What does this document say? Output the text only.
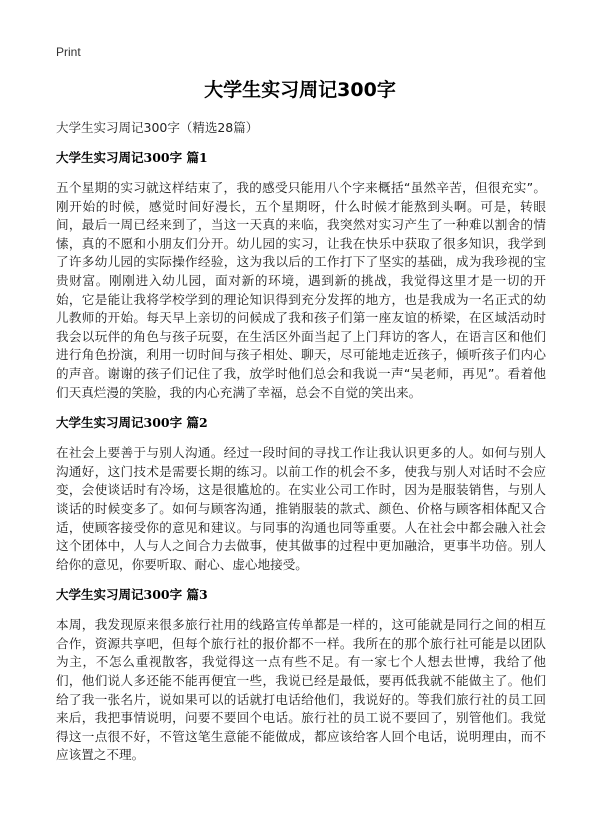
Print
大学生实习周记300字

大学生实习周记300字（精选28篇）

大学生实习周记300字 篇1

五个星期的实习就这样结束了，我的感受只能用八个字来概括“虽然辛苦，但很充实”。刚开始的时候，感觉时间好漫长，五个星期呀，什么时候才能熬到头啊。可是，转眼间，最后一周已经来到了，当这一天真的来临，我突然对实习产生了一种难以割舍的情愫，真的不愿和小朋友们分开。幼儿园的实习，让我在快乐中获取了很多知识，我学到了许多幼儿园的实际操作经验，这为我以后的工作打下了坚实的基础，成为我珍视的宝贵财富。刚刚进入幼儿园，面对新的环境，遇到新的挑战，我觉得这里才是一切的开始，它是能让我将学校学到的理论知识得到充分发挥的地方，也是我成为一名正式的幼儿教师的开始。每天早上亲切的问候成了我和孩子们第一座友谊的桥梁，在区域活动时我会以玩伴的角色与孩子玩耍，在生活区外面当起了上门拜访的客人，在语言区和他们进行角色扮演，利用一切时间与孩子相处、聊天，尽可能地走近孩子，倾听孩子们内心的声音。谢谢的孩子们记住了我，放学时他们总会和我说一声“吴老师，再见”。看着他们天真烂漫的笑脸，我的内心充满了幸福，总会不自觉的笑出来。

大学生实习周记300字 篇2

在社会上要善于与别人沟通。经过一段时间的寻找工作让我认识更多的人。如何与别人沟通好，这门技术是需要长期的练习。以前工作的机会不多，使我与别人对话时不会应变，会使谈话时有冷场，这是很尴尬的。在实业公司工作时，因为是服装销售，与别人谈话的时候变多了。如何与顾客沟通，推销服装的款式、颜色、价格与顾客相体配又合适，使顾客接受你的意见和建议。与同事的沟通也同等重要。人在社会中都会融入社会这个团体中，人与人之间合力去做事，使其做事的过程中更加融洽，更事半功倍。别人给你的意见，你要听取、耐心、虚心地接受。

大学生实习周记300字 篇3

本周，我发现原来很多旅行社用的线路宣传单都是一样的，这可能就是同行之间的相互合作，资源共享吧，但每个旅行社的报价都不一样。我所在的那个旅行社可能是以团队为主，不怎么重视散客，我觉得这一点有些不足。有一家七个人想去世博，我给了他们，他们说人多还能不能再便宜一些，我说已经是最低，要再低我就不能做主了。他们给了我一张名片，说如果可以的话就打电话给他们，我说好的。等我们旅行社的员工回来后，我把事情说明，问要不要回个电话。旅行社的员工说不要回了，别管他们。我觉得这一点很不好，不管这笔生意能不能做成，都应该给客人回个电话，说明理由，而不应该置之不理。
